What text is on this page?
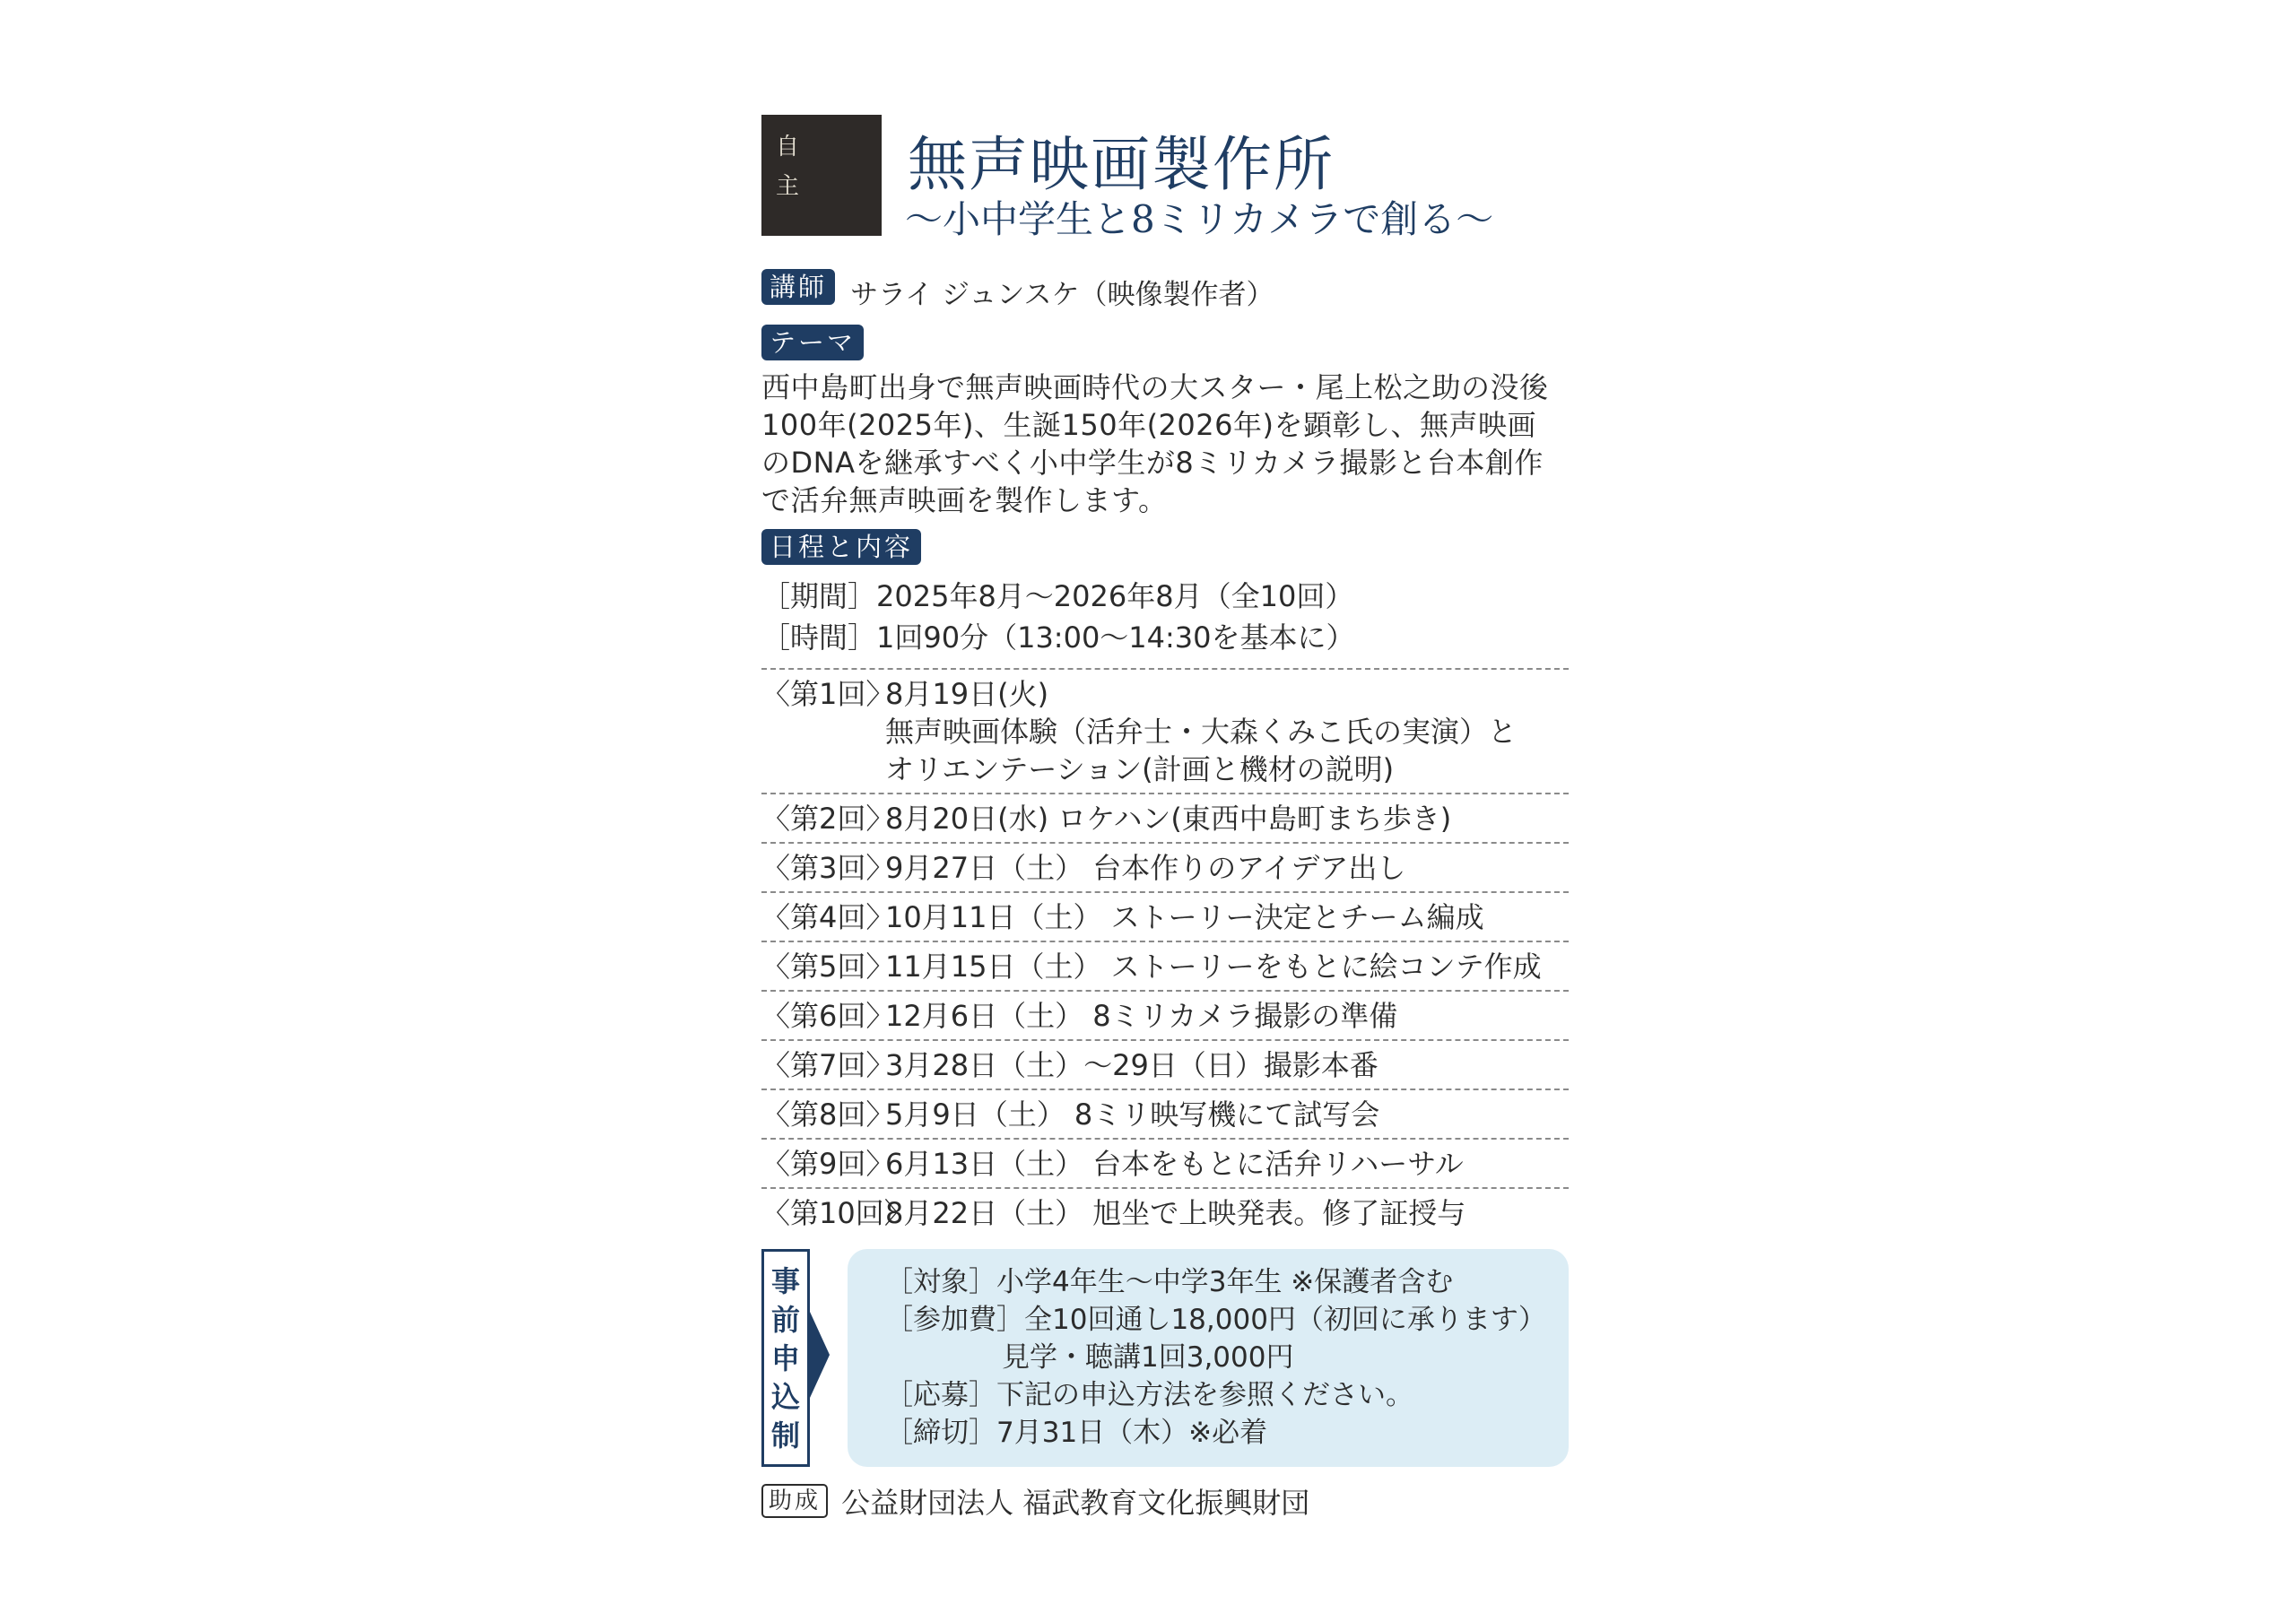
自
主 無声映画製作所
～小中学生と8ミリカメラで創る～
講師 サライ ジュンスケ（映像製作者）
テーマ
西中島町出身で無声映画時代の大スター・尾上松之助の没後
100年(2025年)、生誕150年(2026年)を顕彰し、無声映画
のDNAを継承すべく小中学生が8ミリカメラ撮影と台本創作
で活弁無声映画を製作します。
日程と内容
［期間］2025年8月～2026年8月（全10回）
［時間］1回90分（13:00～14:30を基本に）
〈第1回〉
8月19日(火)
無声映画体験（活弁士・大森くみこ氏の実演）と
オリエンテーション(計画と機材の説明)
〈第2回〉
8月20日(水) ロケハン(東西中島町まち歩き)
〈第3回〉
9月27日（土） 台本作りのアイデア出し
〈第4回〉
10月11日（土） ストーリー決定とチーム編成
〈第5回〉
11月15日（土） ストーリーをもとに絵コンテ作成
〈第6回〉
12月6日（土） 8ミリカメラ撮影の準備
〈第7回〉
3月28日（土）～29日（日）撮影本番
〈第8回〉
5月9日（土） 8ミリ映写機にて試写会
〈第9回〉
6月13日（土） 台本をもとに活弁リハーサル
〈第10回〉
8月22日（土） 旭坐で上映発表。修了証授与
事
前
申
込
制
［対象］小学4年生～中学3年生 ※保護者含む
［参加費］全10回通し18,000円（初回に承ります）
見学・聴講1回3,000円
［応募］下記の申込方法を参照ください。
［締切］7月31日（木）※必着
助成 公益財団法人 福武教育文化振興財団
